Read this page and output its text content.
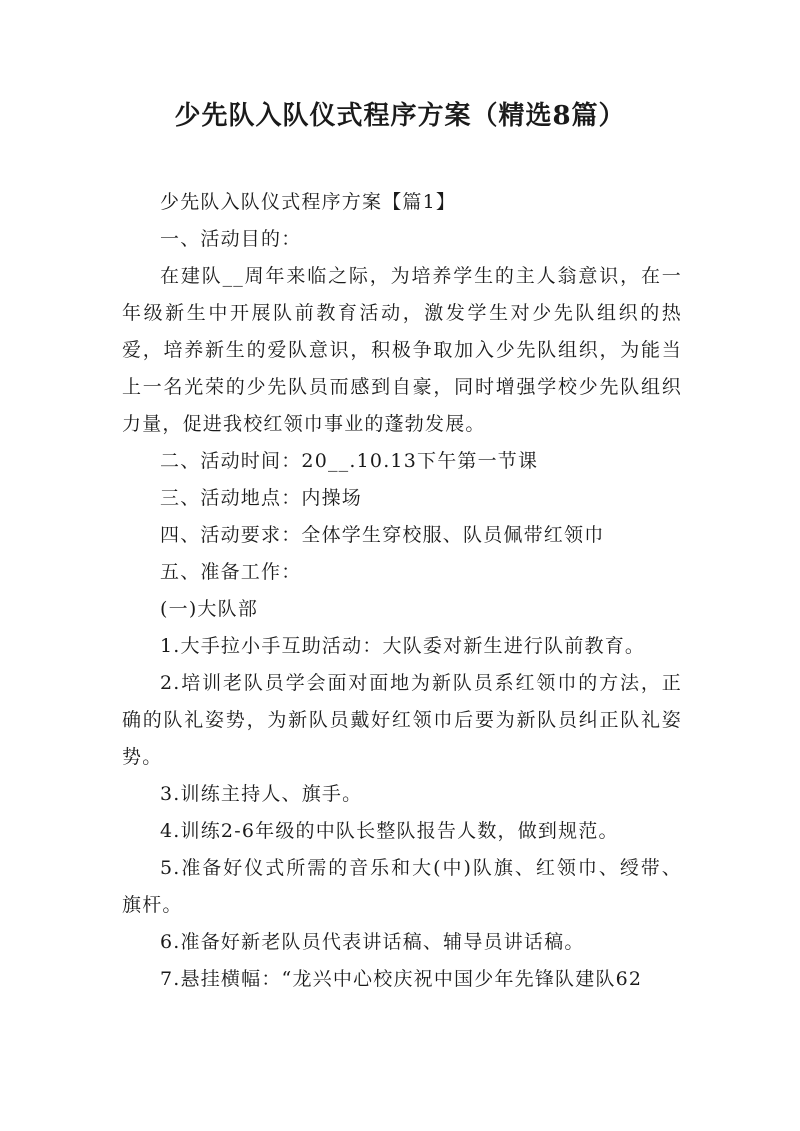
少先队入队仪式程序方案（精选8篇）

少先队入队仪式程序方案【篇1】

一、活动目的：

在建队__周年来临之际，为培养学生的主人翁意识，在一年级新生中开展队前教育活动，激发学生对少先队组织的热爱，培养新生的爱队意识，积极争取加入少先队组织，为能当上一名光荣的少先队员而感到自豪，同时增强学校少先队组织力量，促进我校红领巾事业的蓬勃发展。

二、活动时间：20__.10.13下午第一节课

三、活动地点：内操场

四、活动要求：全体学生穿校服、队员佩带红领巾

五、准备工作：

(一)大队部

1.大手拉小手互助活动：大队委对新生进行队前教育。

2.培训老队员学会面对面地为新队员系红领巾的方法，正确的队礼姿势，为新队员戴好红领巾后要为新队员纠正队礼姿势。

3.训练主持人、旗手。

4.训练2-6年级的中队长整队报告人数，做到规范。

5.准备好仪式所需的音乐和大(中)队旗、红领巾、绶带、旗杆。

6.准备好新老队员代表讲话稿、辅导员讲话稿。

7.悬挂横幅：“龙兴中心校庆祝中国少年先锋队建队62
